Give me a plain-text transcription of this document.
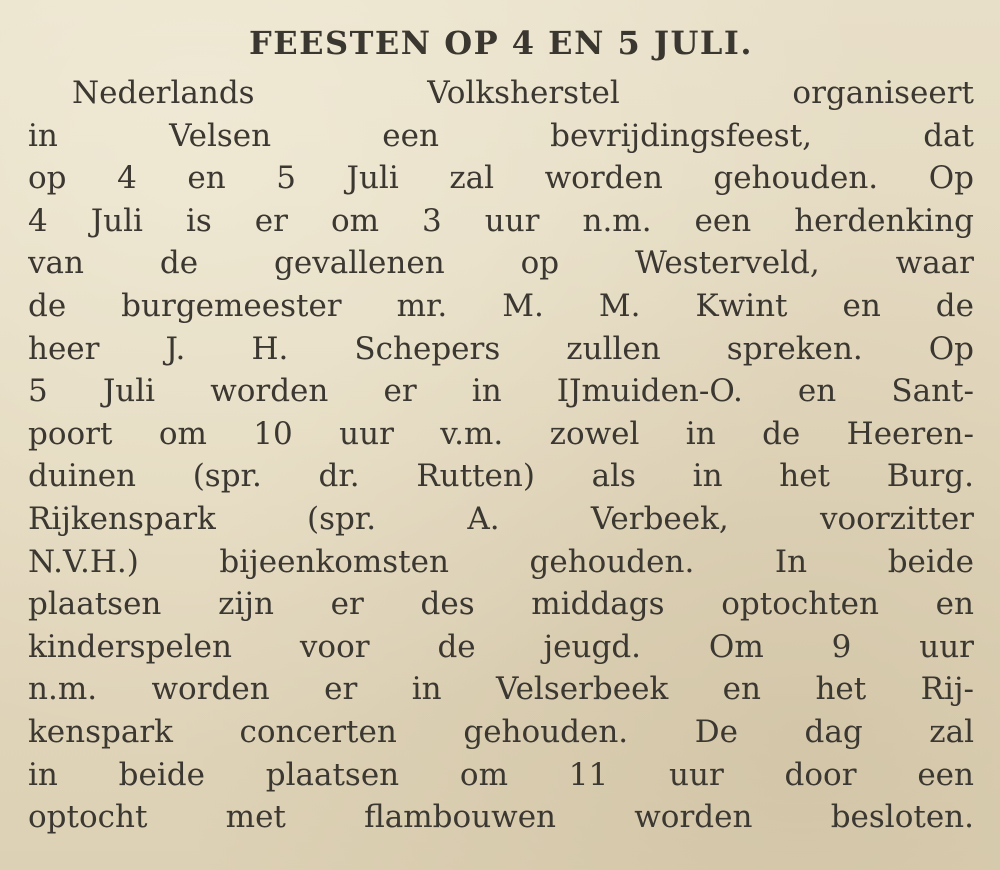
FEESTEN OP 4 EN 5 JULI.
Nederlands Volksherstel organiseert
in Velsen een bevrijdingsfeest, dat
op 4 en 5 Juli zal worden gehouden. Op
4 Juli is er om 3 uur n.m. een herdenking
van de gevallenen op Westerveld, waar
de burgemeester mr. M. M. Kwint en de
heer J. H. Schepers zullen spreken. Op
5 Juli worden er in IJmuiden-O. en Sant-
poort om 10 uur v.m. zowel in de Heeren-
duinen (spr. dr. Rutten) als in het Burg.
Rijkenspark (spr. A. Verbeek, voorzitter
N.V.H.) bijeenkomsten gehouden. In beide
plaatsen zijn er des middags optochten en
kinderspelen voor de jeugd. Om 9 uur
n.m. worden er in Velserbeek en het Rij-
kenspark concerten gehouden. De dag zal
in beide plaatsen om 11 uur door een
optocht met flambouwen worden besloten.
